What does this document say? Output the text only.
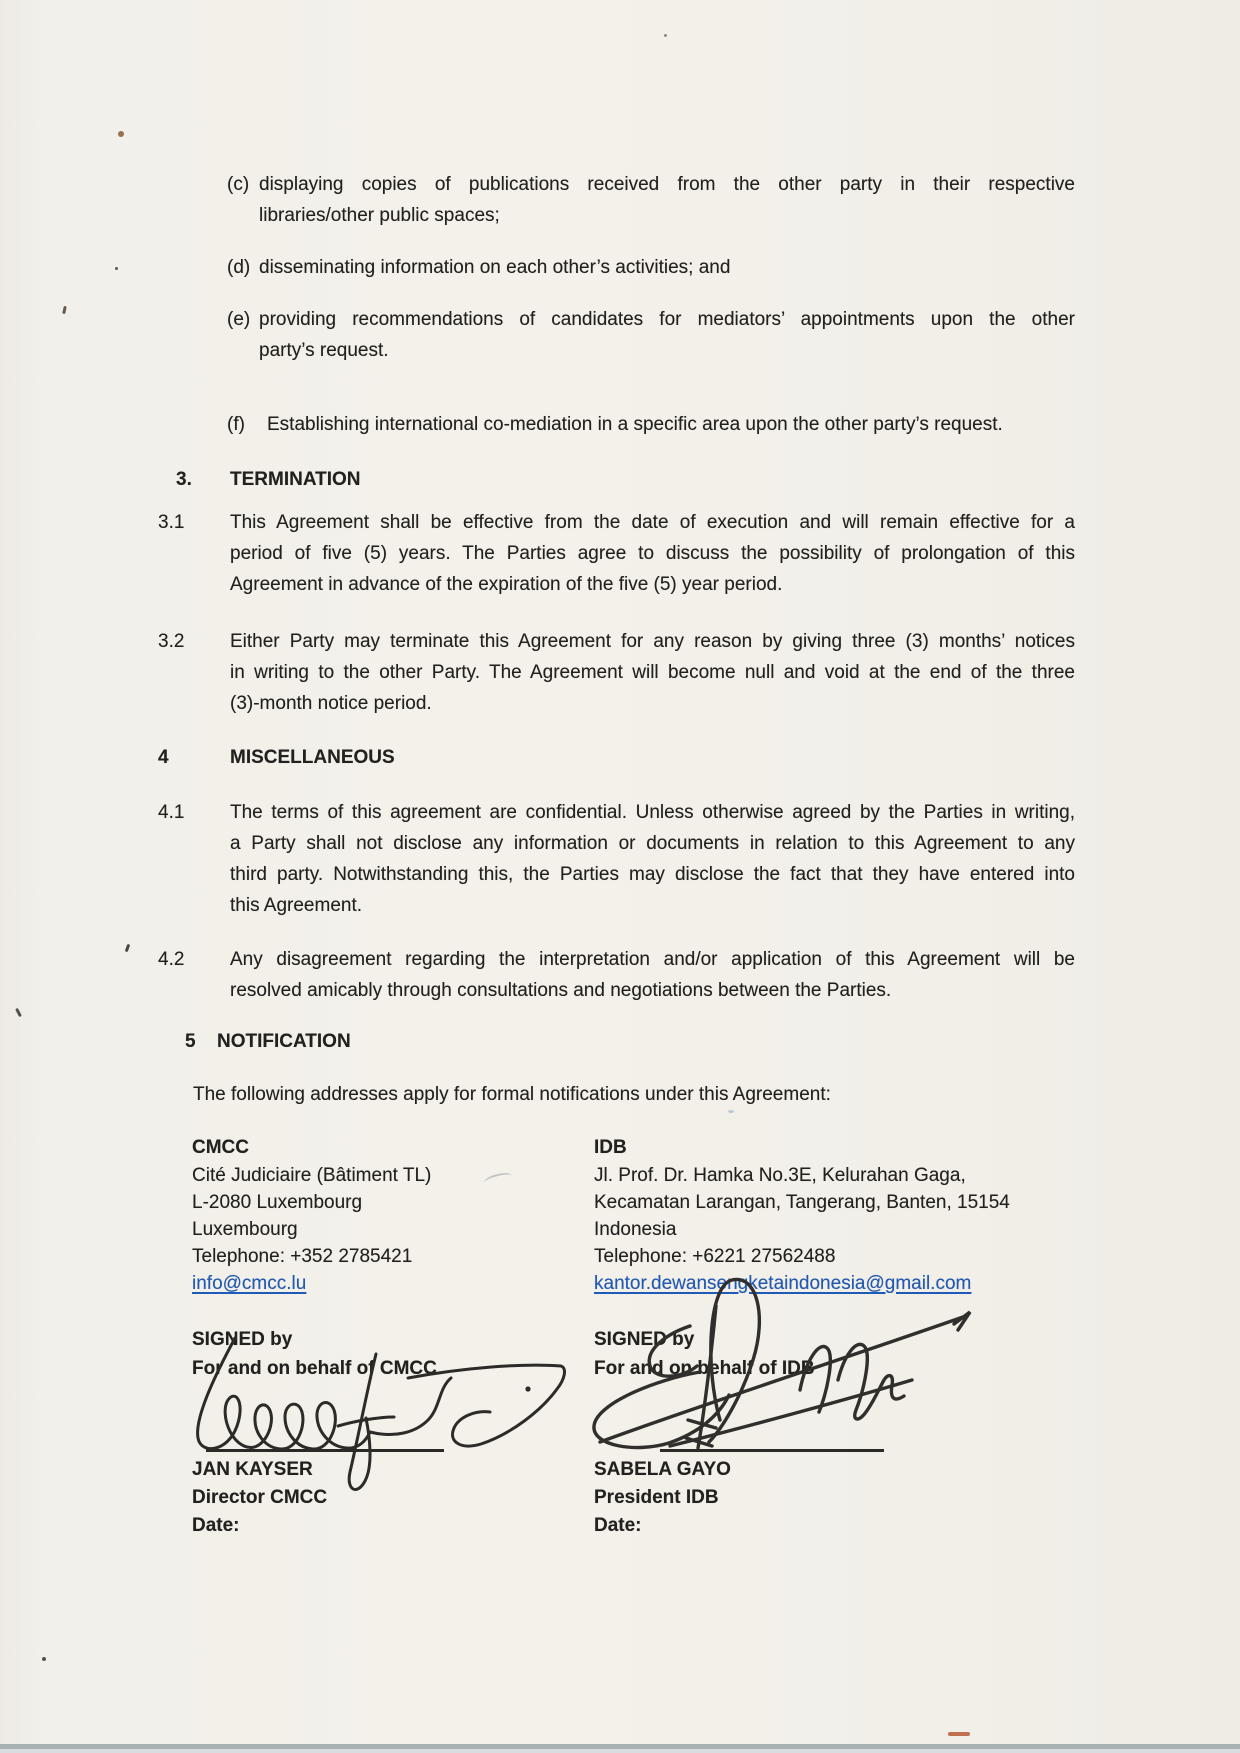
(c) displaying copies of publications received from the other party in their respective
libraries/other public spaces;
(d) disseminating information on each other’s activities; and
(e) providing recommendations of candidates for mediators’ appointments upon the other
party’s request.
(f)	Establishing international co-mediation in a specific area upon the other party’s request.
3.	TERMINATION
3.1	This Agreement shall be effective from the date of execution and will remain effective for a
period of five (5) years. The Parties agree to discuss the possibility of prolongation of this
Agreement in advance of the expiration of the five (5) year period.
3.2	Either Party may terminate this Agreement for any reason by giving three (3) months’ notices
in writing to the other Party. The Agreement will become null and void at the end of the three
(3)-month notice period.
4	MISCELLANEOUS
4.1	The terms of this agreement are confidential. Unless otherwise agreed by the Parties in writing,
a Party shall not disclose any information or documents in relation to this Agreement to any
third party. Notwithstanding this, the Parties may disclose the fact that they have entered into
this Agreement.
4.2	Any disagreement regarding the interpretation and/or application of this Agreement will be
resolved amicably through consultations and negotiations between the Parties.
5	NOTIFICATION
The following addresses apply for formal notifications under this Agreement:
CMCC
Cité Judiciaire (Bâtiment TL)
L-2080 Luxembourg
Luxembourg
Telephone: +352 2785421
info@cmcc.lu
IDB
Jl. Prof. Dr. Hamka No.3E, Kelurahan Gaga,
Kecamatan Larangan, Tangerang, Banten, 15154
Indonesia
Telephone: +6221 27562488
kantor.dewansengketaindonesia@gmail.com
SIGNED by
For and on behalf of CMCC
JAN KAYSER
Director CMCC
Date:
SIGNED by
For and on behalf of IDB
SABELA GAYO
President IDB
Date:
